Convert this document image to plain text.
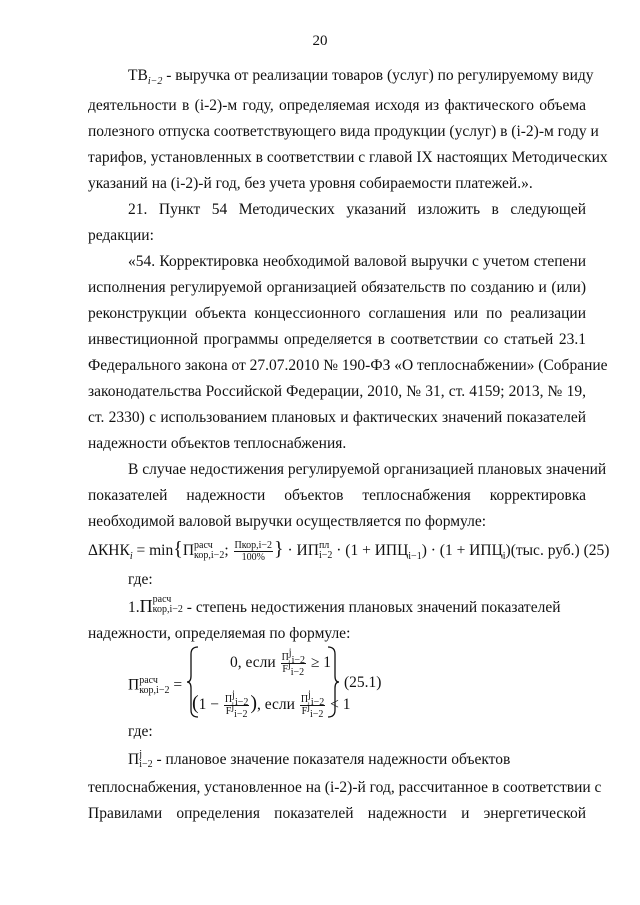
20
$TB_{i-2}$ - выручка от реализации товаров (услуг) по регулируемому виду
деятельности в (i-2)-м году, определяемая исходя из фактического объема
полезного отпуска соответствующего вида продукции (услуг) в (i-2)-м году и
тарифов, установленных в соответствии с главой IX настоящих Методических
указаний на (i-2)-й год, без учета уровня собираемости платежей.».
21. Пункт 54 Методических указаний изложить в следующей
редакции:
«54. Корректировка необходимой валовой выручки с учетом степени
исполнения регулируемой организацией обязательств по созданию и (или)
реконструкции объекта концессионного соглашения или по реализации
инвестиционной программы определяется в соответствии со статьей 23.1
Федерального закона от 27.07.2010 № 190-ФЗ «О теплоснабжении» (Собрание
законодательства Российской Федерации, 2010, № 31, ст. 4159; 2013, № 19,
ст. 2330) с использованием плановых и фактических значений показателей
надежности объектов теплоснабжения.
В случае недостижения регулируемой организацией плановых значений
показателей надежности объектов теплоснабжения корректировка
необходимой валовой выручки осуществляется по формуле:
$\Delta КНК_i = \min\{П$ расч
кор,i−2 ; $\frac{\text{Пкор,i−2}}{100\%}$ } · ИП пл
$i-2 \cdot (1 + ИПЦ_{i-1}) \cdot (1 + ИПЦ_i)(тыс$. руб.) (25)
где:
1.П расч
кор,i−2 - степень недостижения плановых значений показателей
надежности, определяемая по формуле:
П расч
кор,i−2 =
0, если $\frac{П^j_{i-2}}{F^j_{i-2}} \ge 1$
($1 - \frac{П^j_{i-2}}{F^j_{i-2}}$ ), если $\frac{П^j_{i-2}}{F^j_{i-2}} < 1$
(25.1)
где:
П j
i−2 - плановое значение показателя надежности объектов
теплоснабжения, установленное на (i-2)-й год, рассчитанное в соответствии с
Правилами определения показателей надежности и энергетической
